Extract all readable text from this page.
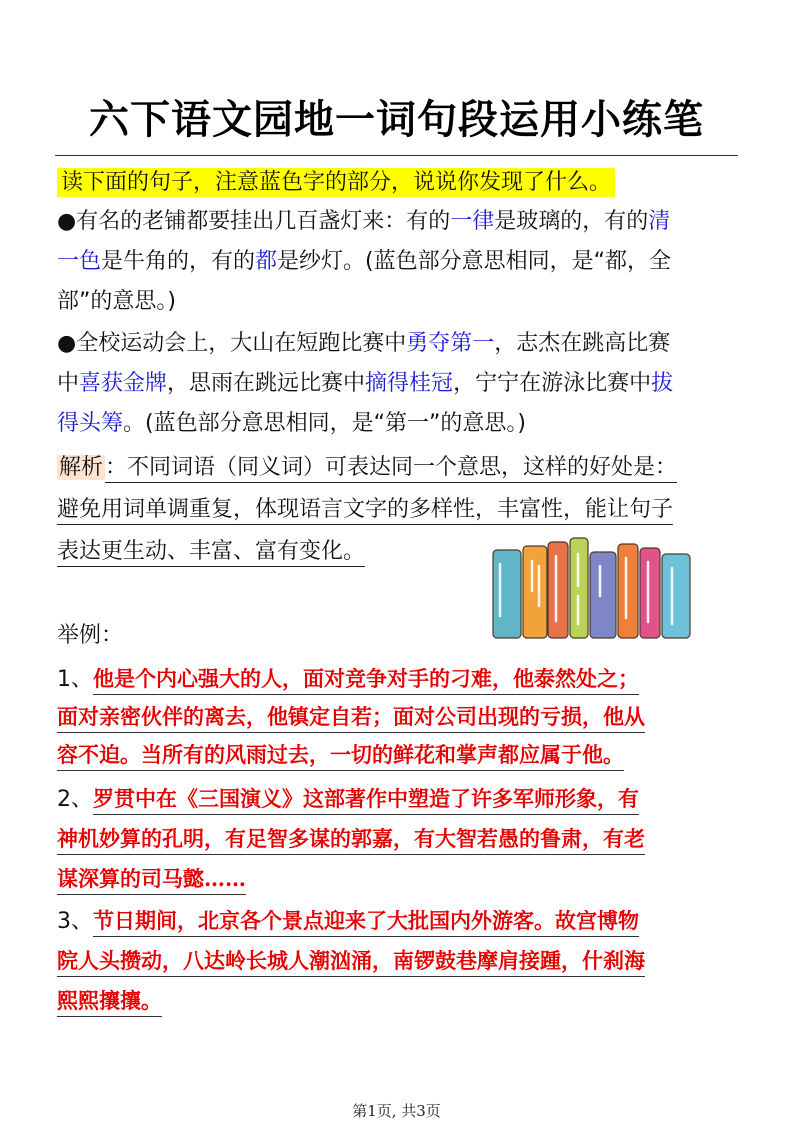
六下语文园地一词句段运用小练笔
读下面的句子，注意蓝色字的部分，说说你发现了什么。
●有名的老铺都要挂出几百盏灯来：有的一律是玻璃的，有的清
一色是牛角的，有的都是纱灯。(蓝色部分意思相同，是“都，全
部”的意思。)
●全校运动会上，大山在短跑比赛中勇夺第一，志杰在跳高比赛
中喜获金牌，思雨在跳远比赛中摘得桂冠，宁宁在游泳比赛中拔
得头筹。(蓝色部分意思相同，是“第一”的意思。)
解析：不同词语（同义词）可表达同一个意思，这样的好处是：
避免用词单调重复，体现语言文字的多样性，丰富性，能让句子
表达更生动、丰富、富有变化。
举例：
1、他是个内心强大的人，面对竞争对手的刁难，他泰然处之；
面对亲密伙伴的离去，他镇定自若；面对公司出现的亏损，他从
容不迫。当所有的风雨过去，一切的鲜花和掌声都应属于他。
2、罗贯中在《三国演义》这部著作中塑造了许多军师形象，有
神机妙算的孔明，有足智多谋的郭嘉，有大智若愚的鲁肃，有老
谋深算的司马懿……
3、节日期间，北京各个景点迎来了大批国内外游客。故宫博物
院人头攒动，八达岭长城人潮汹涌，南锣鼓巷摩肩接踵，什刹海
熙熙攘攘。
第1页, 共3页
